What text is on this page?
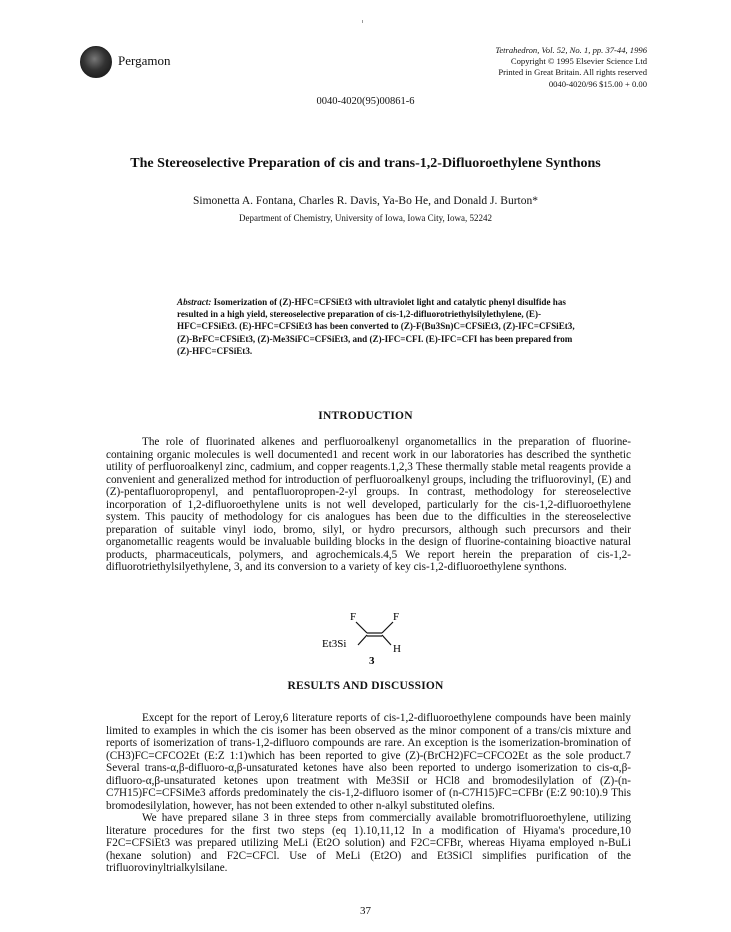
Pergamon
Tetrahedron, Vol. 52, No. 1, pp. 37-44, 1996
Copyright © 1995 Elsevier Science Ltd
Printed in Great Britain. All rights reserved
0040-4020/96 $15.00 + 0.00
0040-4020(95)00861-6
The Stereoselective Preparation of cis and trans-1,2-Difluoroethylene Synthons
Simonetta A. Fontana, Charles R. Davis, Ya-Bo He, and Donald J. Burton*
Department of Chemistry, University of Iowa, Iowa City, Iowa, 52242
Abstract: Isomerization of (Z)-HFC=CFSiEt3 with ultraviolet light and catalytic phenyl disulfide has resulted in a high yield, stereoselective preparation of cis-1,2-difluorotriethylsilylethylene, (E)-HFC=CFSiEt3. (E)-HFC=CFSiEt3 has been converted to (Z)-F(Bu3Sn)C=CFSiEt3, (Z)-IFC=CFSiEt3, (Z)-BrFC=CFSiEt3, (Z)-Me3SiFC=CFSiEt3, and (Z)-IFC=CFI. (E)-IFC=CFI has been prepared from (Z)-HFC=CFSiEt3.
INTRODUCTION

The role of fluorinated alkenes and perfluoroalkenyl organometallics in the preparation of fluorine-containing organic molecules is well documented1 and recent work in our laboratories has described the synthetic utility of perfluoroalkenyl zinc, cadmium, and copper reagents.1,2,3 These thermally stable metal reagents provide a convenient and generalized method for introduction of perfluoroalkenyl groups, including the trifluorovinyl, (E) and (Z)-pentafluoropropenyl, and pentafluoropropen-2-yl groups. In contrast, methodology for stereoselective incorporation of 1,2-difluoroethylene units is not well developed, particularly for the cis-1,2-difluoroethylene system. This paucity of methodology for cis analogues has been due to the difficulties in the stereoselective preparation of suitable vinyl iodo, bromo, silyl, or hydro precursors, although such precursors and their organometallic reagents would be invaluable building blocks in the design of fluorine-containing bioactive natural products, pharmaceuticals, polymers, and agrochemicals.4,5 We report herein the preparation of cis-1,2-difluorotriethylsilyethylene, 3, and its conversion to a variety of key cis-1,2-difluoroethylene synthons.

F	F
Et3Si	H
3
RESULTS AND DISCUSSION

Except for the report of Leroy,6 literature reports of cis-1,2-difluoroethylene compounds have been mainly limited to examples in which the cis isomer has been observed as the minor component of a trans/cis mixture and reports of isomerization of trans-1,2-difluoro compounds are rare. An exception is the isomerization-bromination of (CH3)FC=CFCO2Et (E:Z 1:1)which has been reported to give (Z)-(BrCH2)FC=CFCO2Et as the sole product.7 Several trans-α,β-difluoro-α,β-unsaturated ketones have also been reported to undergo isomerization to cis-α,β-difluoro-α,β-unsaturated ketones upon treatment with Me3SiI or HCl8 and bromodesilylation of (Z)-(n-C7H15)FC=CFSiMe3 affords predominately the cis-1,2-difluoro isomer of (n-C7H15)FC=CFBr (E:Z 90:10).9 This bromodesilylation, however, has not been extended to other n-alkyl substituted olefins.

We have prepared silane 3 in three steps from commercially available bromotrifluoroethylene, utilizing literature procedures for the first two steps (eq 1).10,11,12 In a modification of Hiyama's procedure,10 F2C=CFSiEt3 was prepared utilizing MeLi (Et2O solution) and F2C=CFBr, whereas Hiyama employed n-BuLi (hexane solution) and F2C=CFCl. Use of MeLi (Et2O) and Et3SiCl simplifies purification of the trifluorovinyltrialkylsilane.

37
